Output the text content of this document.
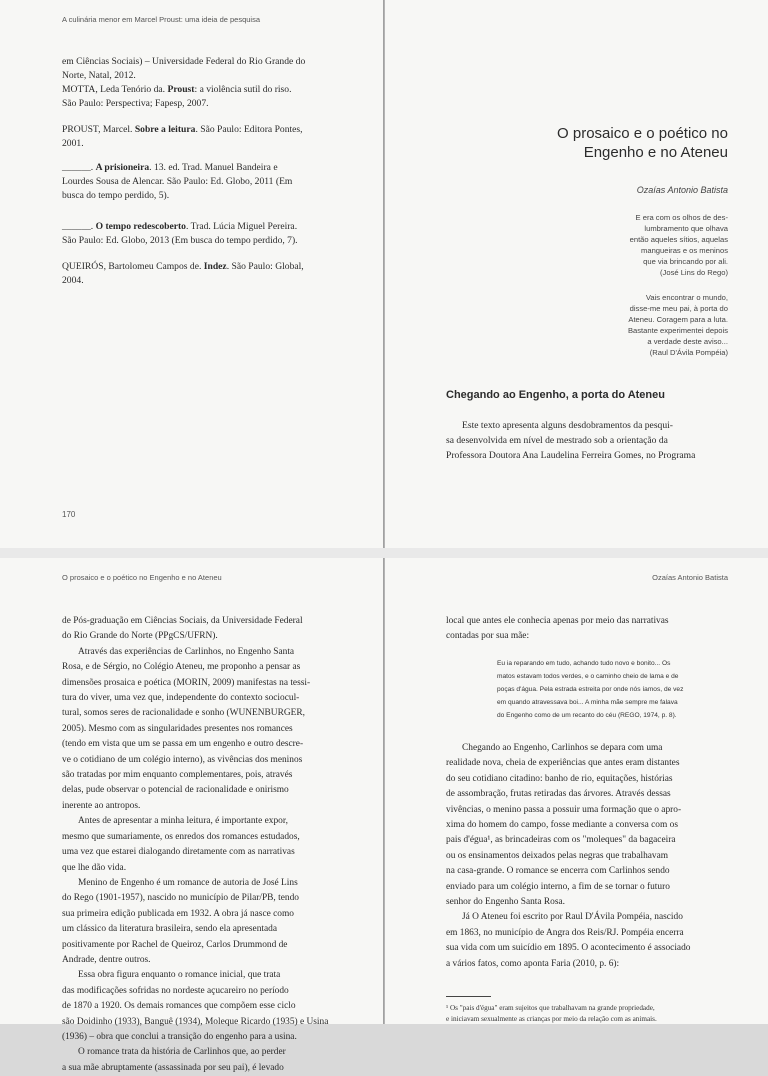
A culinária menor em Marcel Proust: uma ideia de pesquisa
em Ciências Sociais) – Universidade Federal do Rio Grande do
Norte, Natal, 2012.
MOTTA, Leda Tenório da. Proust: a violência sutil do riso.
São Paulo: Perspectiva; Fapesp, 2007.
PROUST, Marcel. Sobre a leitura. São Paulo: Editora Pontes,
2001.
______. A prisioneira. 13. ed. Trad. Manuel Bandeira e
Lourdes Sousa de Alencar. São Paulo: Ed. Globo, 2011 (Em
busca do tempo perdido, 5).
______. O tempo redescoberto. Trad. Lúcia Miguel Pereira.
São Paulo: Ed. Globo, 2013 (Em busca do tempo perdido, 7).
QUEIRÓS, Bartolomeu Campos de. Indez. São Paulo: Global,
2004.
170
O prosaico e o poético no
Engenho e no Ateneu
Ozaías Antonio Batista
E era com os olhos de des-
lumbramento que olhava
então aqueles sítios, aquelas
mangueiras e os meninos
que via brincando por ali.
(José Lins do Rego)
Vais encontrar o mundo,
disse-me meu pai, à porta do
Ateneu. Coragem para a luta.
Bastante experimentei depois
a verdade deste aviso...
(Raul D'Ávila Pompéia)
Chegando ao Engenho, a porta do Ateneu
Este texto apresenta alguns desdobramentos da pesqui-
sa desenvolvida em nível de mestrado sob a orientação da
Professora Doutora Ana Laudelina Ferreira Gomes, no Programa
O prosaico e o poético no Engenho e no Ateneu
de Pós-graduação em Ciências Sociais, da Universidade Federal
do Rio Grande do Norte (PPgCS/UFRN).
Através das experiências de Carlinhos, no Engenho Santa
Rosa, e de Sérgio, no Colégio Ateneu, me proponho a pensar as
dimensões prosaica e poética (MORIN, 2009) manifestas na tessi-
tura do viver, uma vez que, independente do contexto sociocul-
tural, somos seres de racionalidade e sonho (WUNENBURGER,
2005). Mesmo com as singularidades presentes nos romances
(tendo em vista que um se passa em um engenho e outro descre-
ve o cotidiano de um colégio interno), as vivências dos meninos
são tratadas por mim enquanto complementares, pois, através
delas, pude observar o potencial de racionalidade e onirismo
inerente ao antropos.
Antes de apresentar a minha leitura, é importante expor,
mesmo que sumariamente, os enredos dos romances estudados,
uma vez que estarei dialogando diretamente com as narrativas
que lhe dão vida.
Menino de Engenho é um romance de autoria de José Lins
do Rego (1901-1957), nascido no município de Pilar/PB, tendo
sua primeira edição publicada em 1932. A obra já nasce como
um clássico da literatura brasileira, sendo ela apresentada
positivamente por Rachel de Queiroz, Carlos Drummond de
Andrade, dentre outros.
Essa obra figura enquanto o romance inicial, que trata
das modificações sofridas no nordeste açucareiro no período
de 1870 a 1920. Os demais romances que compõem esse ciclo
são Doidinho (1933), Banguê (1934), Moleque Ricardo (1935) e Usina
(1936) – obra que conclui a transição do engenho para a usina.
O romance trata da história de Carlinhos que, ao perder
a sua mãe abruptamente (assassinada por seu pai), é levado
Ozaías Antonio Batista
local que antes ele conhecia apenas por meio das narrativas
contadas por sua mãe:
Eu ia reparando em tudo, achando tudo novo e bonito... Os
matos estavam todos verdes, e o caminho cheio de lama e de
poças d'água. Pela estrada estreita por onde nós íamos, de vez
em quando atravessava boi... A minha mãe sempre me falava
do Engenho como de um recanto do céu (REGO, 1974, p. 8).
Chegando ao Engenho, Carlinhos se depara com uma
realidade nova, cheia de experiências que antes eram distantes
do seu cotidiano citadino: banho de rio, equitações, histórias
de assombração, frutas retiradas das árvores. Através dessas
vivências, o menino passa a possuir uma formação que o apro-
xima do homem do campo, fosse mediante a conversa com os
pais d'égua¹, as brincadeiras com os "moleques" da bagaceira
ou os ensinamentos deixados pelas negras que trabalhavam
na casa-grande. O romance se encerra com Carlinhos sendo
enviado para um colégio interno, a fim de se tornar o futuro
senhor do Engenho Santa Rosa.
Já O Ateneu foi escrito por Raul D'Ávila Pompéia, nascido
em 1863, no município de Angra dos Reis/RJ. Pompéia encerra
sua vida com um suicídio em 1895. O acontecimento é associado
a vários fatos, como aponta Faria (2010, p. 6):
¹ Os "pais d'égua" eram sujeitos que trabalhavam na grande propriedade,
e iniciavam sexualmente as crianças por meio da relação com as animais.
